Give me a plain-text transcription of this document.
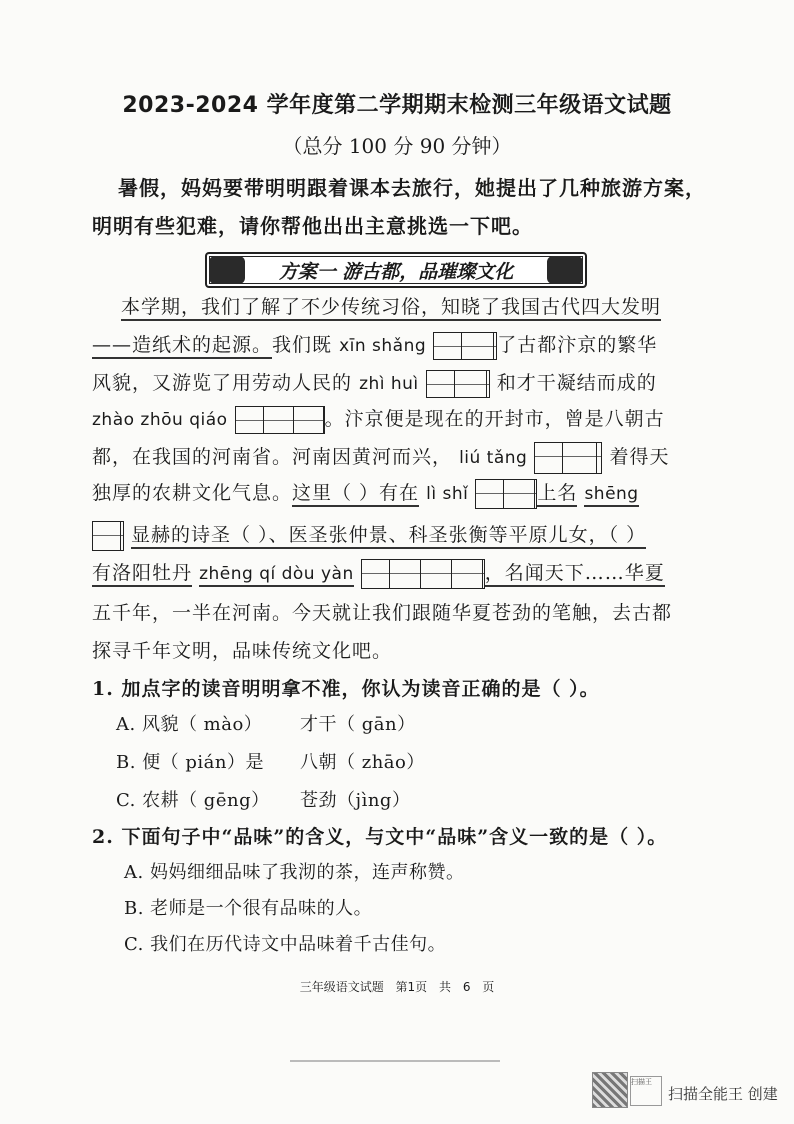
2023-2024 学年度第二学期期末检测三年级语文试题
（总分 100 分 90 分钟）
暑假，妈妈要带明明跟着课本去旅行，她提出了几种旅游方案，
明明有些犯难，请你帮他出出主意挑选一下吧。
方案一 游古都，品璀璨文化
本学期，我们了解了不少传统习俗，知晓了我国古代四大发明
——造纸术的起源。我们既 xīn shǎng	了古都汴京的繁华
风貌，又游览了用劳动人民的 zhì huì	和才干凝结而成的
zhào zhōu qiáo	。汴京便是现在的开封市，曾是八朝古
都，在我国的河南省。河南因黄河而兴， liú tǎng	着得天
独厚的农耕文化气息。这里（ ）有在 lì shǐ	上名 shēng
显赫的诗圣（ ）、医圣张仲景、科圣张衡等平原儿女，（ ）
有洛阳牡丹 zhēng qí dòu yàn	，名闻天下……华夏
五千年，一半在河南。今天就让我们跟随华夏苍劲的笔触，去古都
探寻千年文明，品味传统文化吧。
1. 加点字的读音明明拿不准，你认为读音正确的是（ ）。
A. 风貌（ mào） 才干（ gān）
B. 便（ pián）是 八朝（ zhāo）
C. 农耕（ gēng） 苍劲（jìng）
2. 下面句子中“品味”的含义，与文中“品味”含义一致的是（ ）。
A. 妈妈细细品味了我沏的茶，连声称赞。
B. 老师是一个很有品味的人。
C. 我们在历代诗文中品味着千古佳句。
三年级语文试题 第1页 共 6 页
扫描王
扫描全能王 创建
